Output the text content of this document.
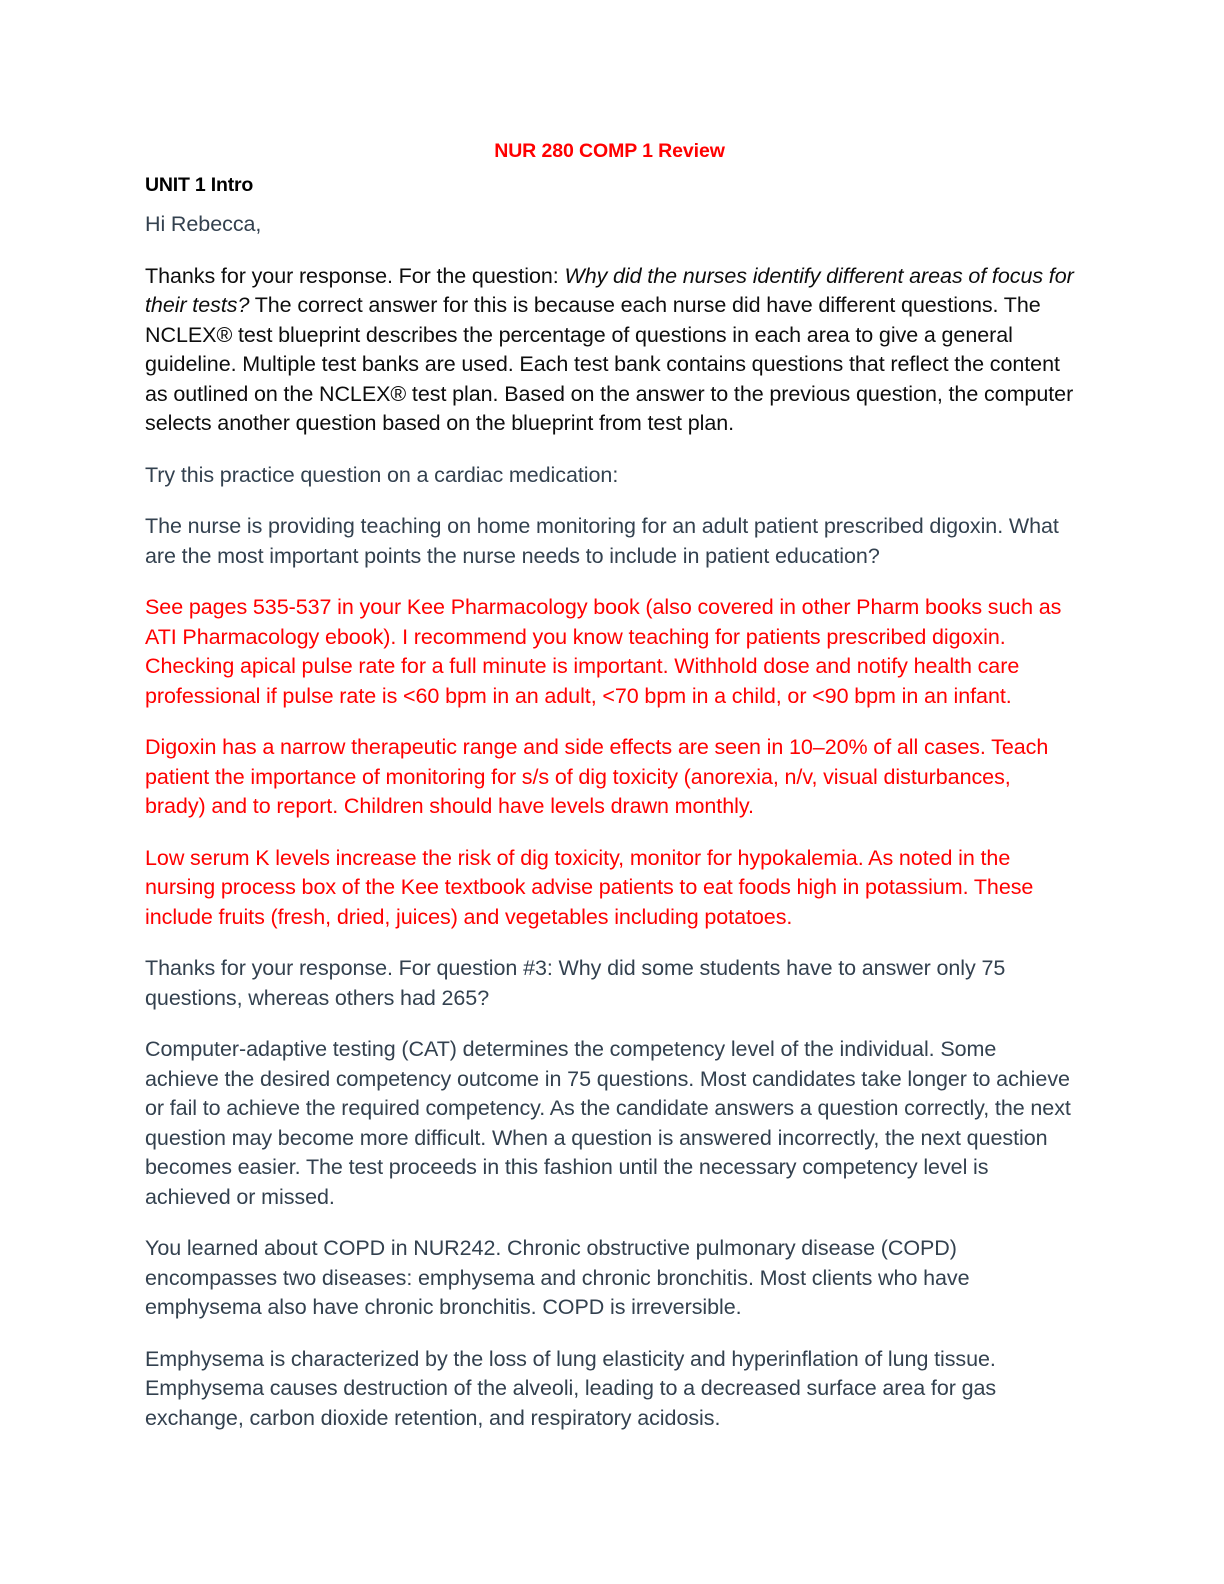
NUR 280 COMP 1 Review
UNIT 1 Intro

Hi Rebecca,

Thanks for your response. For the question: Why did the nurses identify different areas of focus for their tests? The correct answer for this is because each nurse did have different questions. The NCLEX® test blueprint describes the percentage of questions in each area to give a general guideline. Multiple test banks are used. Each test bank contains questions that reflect the content as outlined on the NCLEX® test plan. Based on the answer to the previous question, the computer selects another question based on the blueprint from test plan.

Try this practice question on a cardiac medication:

The nurse is providing teaching on home monitoring for an adult patient prescribed digoxin. What are the most important points the nurse needs to include in patient education?

See pages 535-537 in your Kee Pharmacology book (also covered in other Pharm books such as ATI Pharmacology ebook). I recommend you know teaching for patients prescribed digoxin. Checking apical pulse rate for a full minute is important. Withhold dose and notify health care professional if pulse rate is <60 bpm in an adult, <70 bpm in a child, or <90 bpm in an infant.

Digoxin has a narrow therapeutic range and side effects are seen in 10–20% of all cases. Teach patient the importance of monitoring for s/s of dig toxicity (anorexia, n/v, visual disturbances, brady) and to report. Children should have levels drawn monthly.

Low serum K levels increase the risk of dig toxicity, monitor for hypokalemia. As noted in the nursing process box of the Kee textbook advise patients to eat foods high in potassium. These include fruits (fresh, dried, juices) and vegetables including potatoes.

Thanks for your response. For question #3: Why did some students have to answer only 75 questions, whereas others had 265?

Computer-adaptive testing (CAT) determines the competency level of the individual. Some achieve the desired competency outcome in 75 questions. Most candidates take longer to achieve or fail to achieve the required competency. As the candidate answers a question correctly, the next question may become more difficult. When a question is answered incorrectly, the next question becomes easier. The test proceeds in this fashion until the necessary competency level is achieved or missed.

You learned about COPD in NUR242. Chronic obstructive pulmonary disease (COPD) encompasses two diseases: emphysema and chronic bronchitis. Most clients who have emphysema also have chronic bronchitis. COPD is irreversible.

Emphysema is characterized by the loss of lung elasticity and hyperinflation of lung tissue. Emphysema causes destruction of the alveoli, leading to a decreased surface area for gas exchange, carbon dioxide retention, and respiratory acidosis.
